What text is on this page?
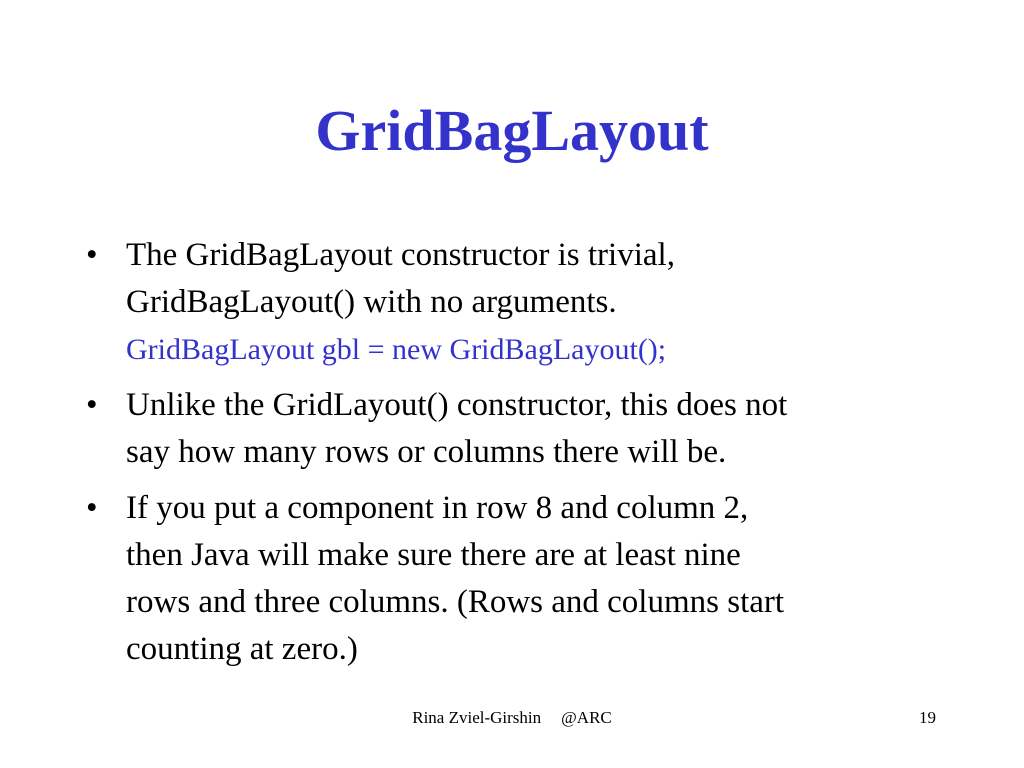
GridBagLayout
• The GridBagLayout constructor is trivial,
GridBagLayout() with no arguments.
GridBagLayout gbl = new GridBagLayout();
• Unlike the GridLayout() constructor, this does not
say how many rows or columns there will be.
• If you put a component in row 8 and column 2,
then Java will make sure there are at least nine
rows and three columns. (Rows and columns start
counting at zero.)
Rina Zviel-Girshin @ARC	19
